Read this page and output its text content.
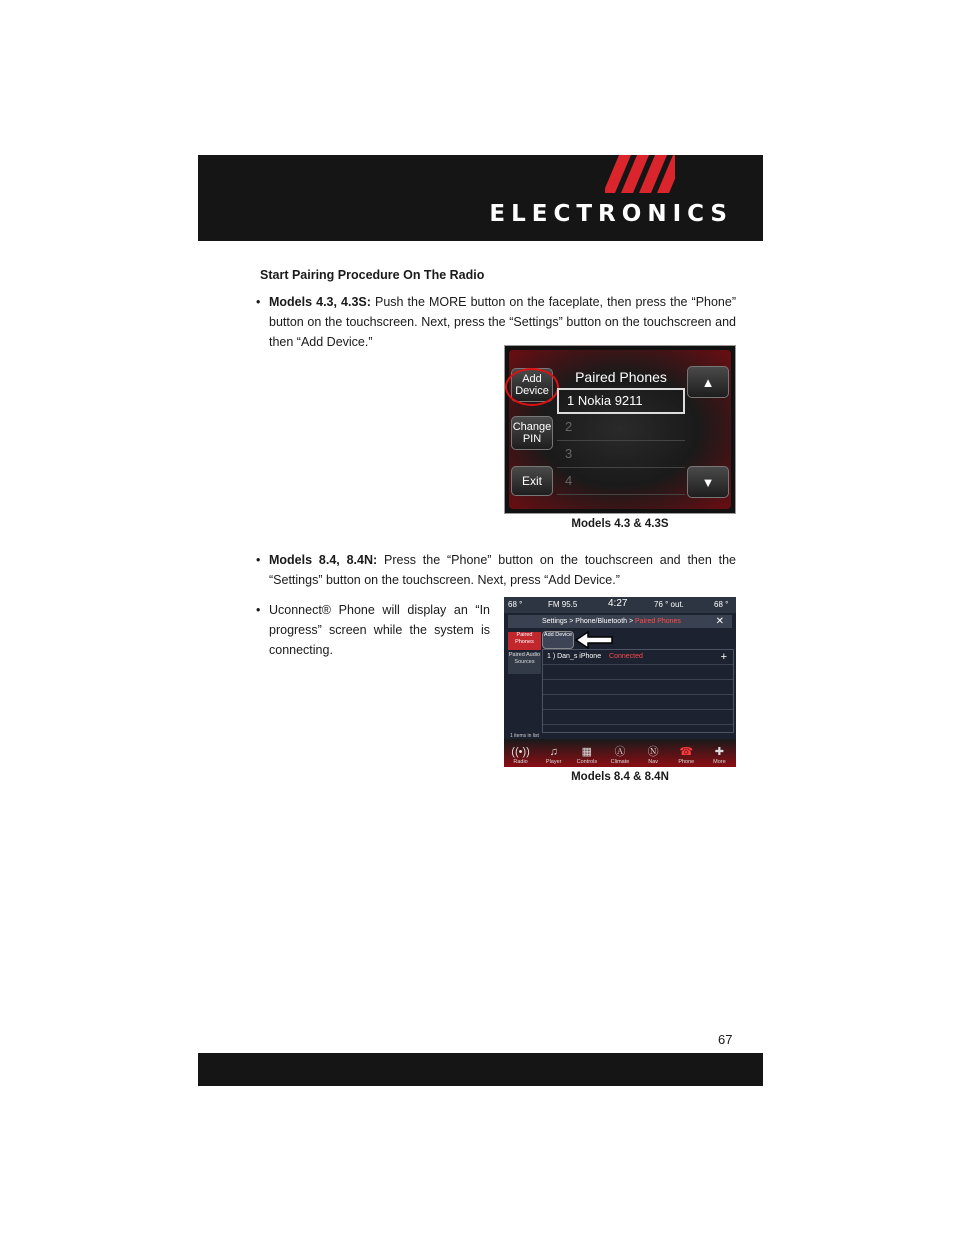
ELECTRONICS
Start Pairing Procedure On The Radio
• Models 4.3, 4.3S: Push the MORE button on the faceplate, then press the “Phone” button on the touchscreen. Next, press the “Settings” button on the touchscreen and then “Add Device.”
• Models 8.4, 8.4N: Press the “Phone” button on the touchscreen and then the “Settings” button on the touchscreen. Next, press “Add Device.”
• Uconnect® Phone will display an “In progress” screen while the system is connecting.
Add Device
Change PIN
Exit
Paired Phones
1 Nokia 9211
2
3
4
▲
▼
Models 4.3 & 4.3S
68 °	FM 95.5	4:27	76 ° out.	68 °
Settings > Phone/Bluetooth > Paired Phones	✕
Paired Phones
Paired Audio Sources
Add Device
1 ) Dan_s iPhone Connected	+
1 items in list
((•))
Radio
♫
Player
▦
Controls
Ⓐ
Climate
Ⓝ
Nav
☎
Phone
✚
More
Models 8.4 & 8.4N
67
